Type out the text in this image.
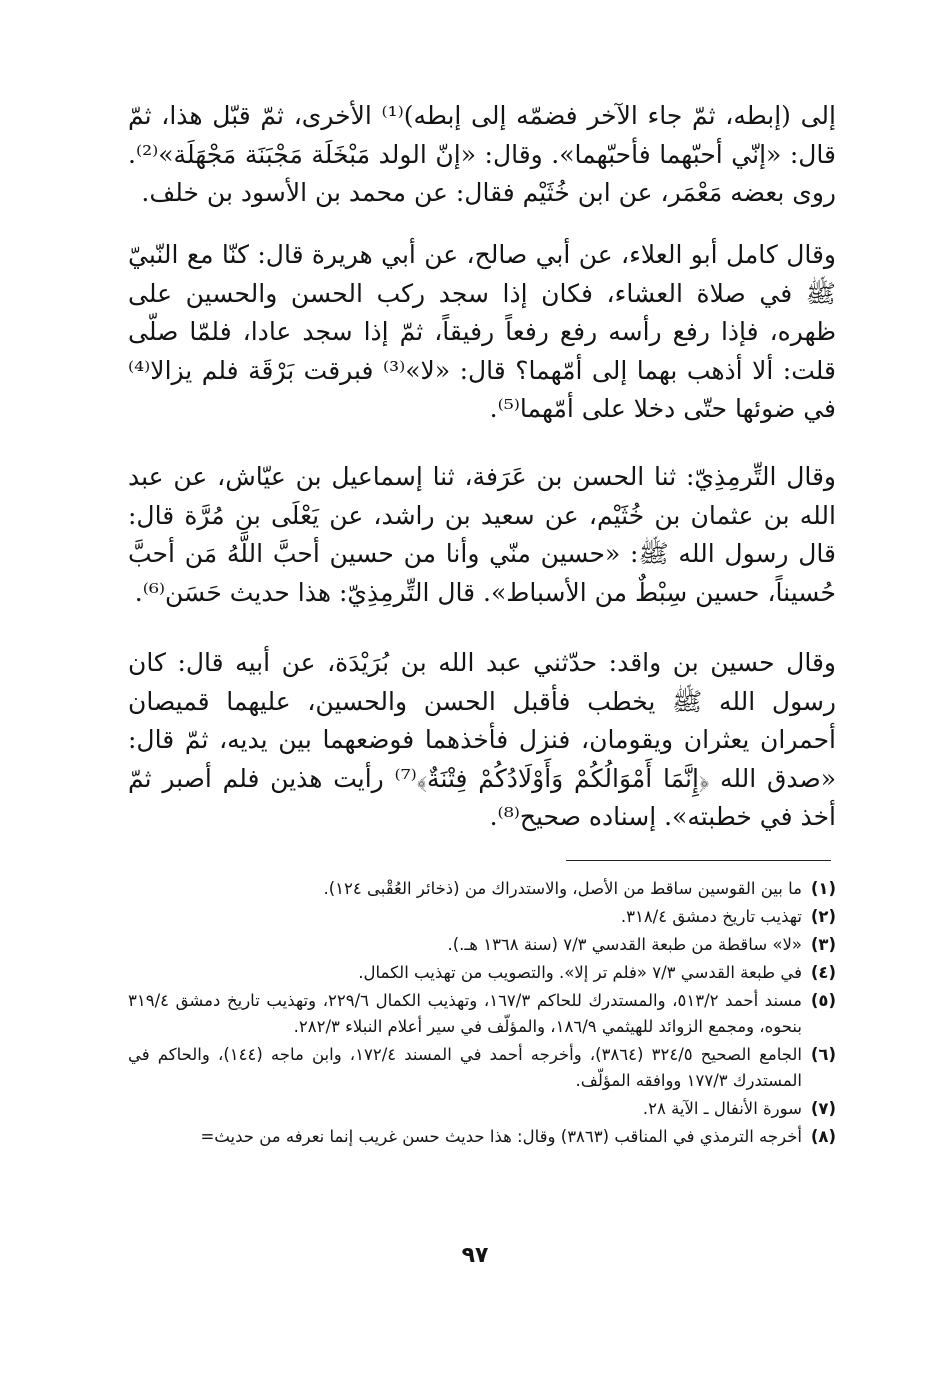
إلى (إبطه، ثمّ جاء الآخر فضمّه إلى إبطه)⁽¹⁾ الأخرى، ثمّ قبّل هذا، ثمّ قال: «إنّي أحبّهما فأحبّهما». وقال: «إنّ الولد مَبْخَلَة مَجْبَنَة مَجْهَلَة»⁽²⁾. روى بعضه مَعْمَر، عن ابن خُثَيْم فقال: عن محمد بن الأسود بن خلف.
وقال كامل أبو العلاء، عن أبي صالح، عن أبي هريرة قال: كنّا مع النّبيّ ﷺ في صلاة العشاء، فكان إذا سجد ركب الحسن والحسين على ظهره، فإذا رفع رأسه رفع رفعاً رفيقاً، ثمّ إذا سجد عادا، فلمّا صلّى قلت: ألا أذهب بهما إلى أمّهما؟ قال: «لا»⁽³⁾ فبرقت بَرْقَة فلم يزالا⁽⁴⁾ في ضوئها حتّى دخلا على أمّهما⁽⁵⁾.
وقال التِّرمِذِيّ: ثنا الحسن بن عَرَفة، ثنا إسماعيل بن عيّاش، عن عبد الله بن عثمان بن خُثَيْم، عن سعيد بن راشد، عن يَعْلَى بن مُرَّة قال: قال رسول الله ﷺ: «حسين منّي وأنا من حسين أحبَّ اللَّهُ مَن أحبَّ حُسيناً، حسين سِبْطٌ من الأسباط». قال التِّرمِذِيّ: هذا حديث حَسَن⁽⁶⁾.
وقال حسين بن واقد: حدّثني عبد الله بن بُرَيْدَة، عن أبيه قال: كان رسول الله ﷺ يخطب فأقبل الحسن والحسين، عليهما قميصان أحمران يعثران ويقومان، فنزل فأخذهما فوضعهما بين يديه، ثمّ قال: «صدق الله ﴿إِنَّمَا أَمْوَالُكُمْ وَأَوْلَادُكُمْ فِتْنَةٌ﴾⁽⁷⁾ رأيت هذين فلم أصبر ثمّ أخذ في خطبته». إسناده صحيح⁽⁸⁾.
(١)
ما بين القوسين ساقط من الأصل، والاستدراك من (ذخائر العُقْبى ١٢٤).
(٢)
تهذيب تاريخ دمشق ٣١٨/٤.
(٣)
«لا» ساقطة من طبعة القدسي ٧/٣ (سنة ١٣٦٨ هـ.).
(٤)
في طبعة القدسي ٧/٣ «فلم تر إلا». والتصويب من تهذيب الكمال.
(٥)
مسند أحمد ٥١٣/٢، والمستدرك للحاكم ١٦٧/٣، وتهذيب الكمال ٢٢٩/٦، وتهذيب تاريخ دمشق ٣١٩/٤ بنحوه، ومجمع الزوائد للهيثمي ١٨٦/٩، والمؤلّف في سير أعلام النبلاء ٢٨٢/٣.
(٦)
الجامع الصحيح ٣٢٤/٥ (٣٨٦٤)، وأخرجه أحمد في المسند ١٧٢/٤، وابن ماجه (١٤٤)، والحاكم في المستدرك ١٧٧/٣ ووافقه المؤلّف.
(٧)
سورة الأنفال ـ الآية ٢٨.
(٨)
أخرجه الترمذي في المناقب (٣٨٦٣) وقال: هذا حديث حسن غريب إنما نعرفه من حديث=
٩٧
